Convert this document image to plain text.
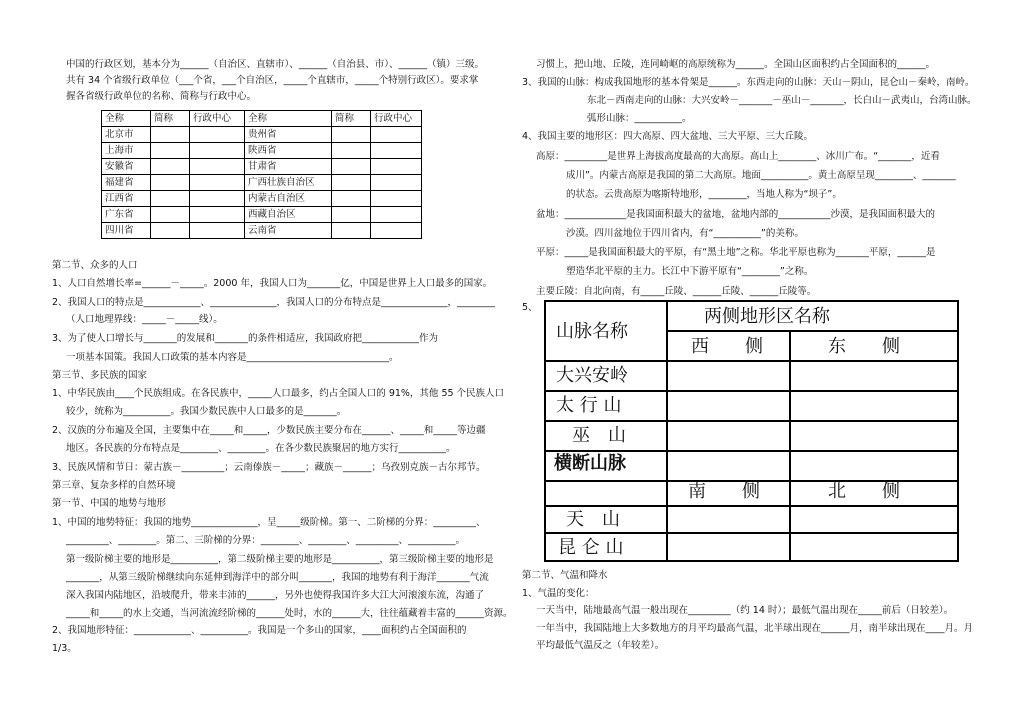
中国的行政区划，基本分为______（自治区、直辖市）、______（自治县、市）、______（镇）三级。
共有 34 个省级行政单位（___个省，___个自治区，_____个直辖市，_____个特别行政区）。要求掌
握各省级行政单位的名称、简称与行政中心。
全称	简称	行政中心	全称	简称	行政中心
北京市			贵州省		
上海市			陕西省		
安徽省			甘肃省		
福建省			广西壮族自治区		
江西省			内蒙古自治区		
广东省			西藏自治区		
四川省			云南省		
第二节、众多的人口
1、人口自然增长率=______－_____。2000 年，我国人口为_______亿，中国是世界上人口最多的国家。
2、我国人口的特点是____________、______________，我国人口的分布特点是______________，________
（人口地理界线：_____－_____线）。
3、为了使人口增长与_______的发展和_______的条件相适应，我国政府把____________作为
一项基本国策。我国人口政策的基本内容是______________________________。
第三节、多民族的国家
1、中华民族由____个民族组成。在各民族中，_____人口最多，约占全国人口的 91%，其他 55 个民族人口
较少，统称为__________。我国少数民族中人口最多的是_______。
2、汉族的分布遍及全国，主要集中在_____和_____，少数民族主要分布在______、_____和_____等边疆
地区。各民族的分布特点是________、________。在各少数民族聚居的地方实行__________。
3、民族风情和节日：蒙古族－_________；云南傣族－_____；藏族－______；乌孜别克族－古尔邦节。
第三章、复杂多样的自然环境
第一节、中国的地势与地形
1、中国的地势特征：我国的地势______________，呈_____级阶梯。第一、二阶梯的分界：_________、
_________、________。第二、三阶梯的分界：________、________、_________、__________。
第一级阶梯主要的地形是__________，第二级阶梯主要的地形是__________，第三级阶梯主要的地形是
_______，从第三级阶梯继续向东延伸到海洋中的部分叫_______，我国的地势有利于海洋_______气流
深入我国内陆地区，沿坡爬升，带来丰沛的______，另外也使得我国许多大江大河滚滚东流，沟通了
_____和_____的水上交通，当河流流经阶梯的______处时，水的______大，往往蕴藏着丰富的______资源。
2、我国地形特征：____________、__________。我国是一个多山的国家，____面积约占全国面积的
1/3。
习惯上，把山地、丘陵，连同崎岖的高原统称为______。全国山区面积约占全国面积的______。
3、我国的山脉：构成我国地形的基本骨架是______。东西走向的山脉：天山－阴山，昆仑山－秦岭，南岭。
东北－西南走向的山脉：大兴安岭－_______－巫山－_______，长白山－武夷山，台湾山脉。
弧形山脉：__________。
4、我国主要的地形区：四大高原、四大盆地、三大平原、三大丘陵。
高原：_________是世界上海拔高度最高的大高原。高山上________、冰川广布。“_______，近看
成川”。内蒙古高原是我国的第二大高原。地面__________。黄土高原呈现________、_______
的状态。云贵高原为喀斯特地形，________，当地人称为“坝子”。
盆地：_____________是我国面积最大的盆地，盆地内部的___________沙漠，是我国面积最大的
沙漠。四川盆地位于四川省内，有“__________”的美称。
平原：_____是我国面积最大的平原，有“黑土地”之称。华北平原也称为_______平原，______是
塑造华北平原的主力。长江中下游平原有“________”之称。
主要丘陵：自北向南，有_____丘陵、______丘陵、______丘陵等。
5、
山脉名称
两侧地形区名称
西　　侧	东　　侧
大兴安岭
太 行 山
巫　山
横断山脉
南　　侧	北　　侧
天　山
昆 仑 山
第二节、气温和降水
1、气温的变化：
一天当中，陆地最高气温一般出现在_________（约 14 时）；最低气温出现在_____前后（日较差）。
一年当中，我国陆地上大多数地方的月平均最高气温，北半球出现在______月，南半球出现在____月。月
平均最低气温反之（年较差）。
